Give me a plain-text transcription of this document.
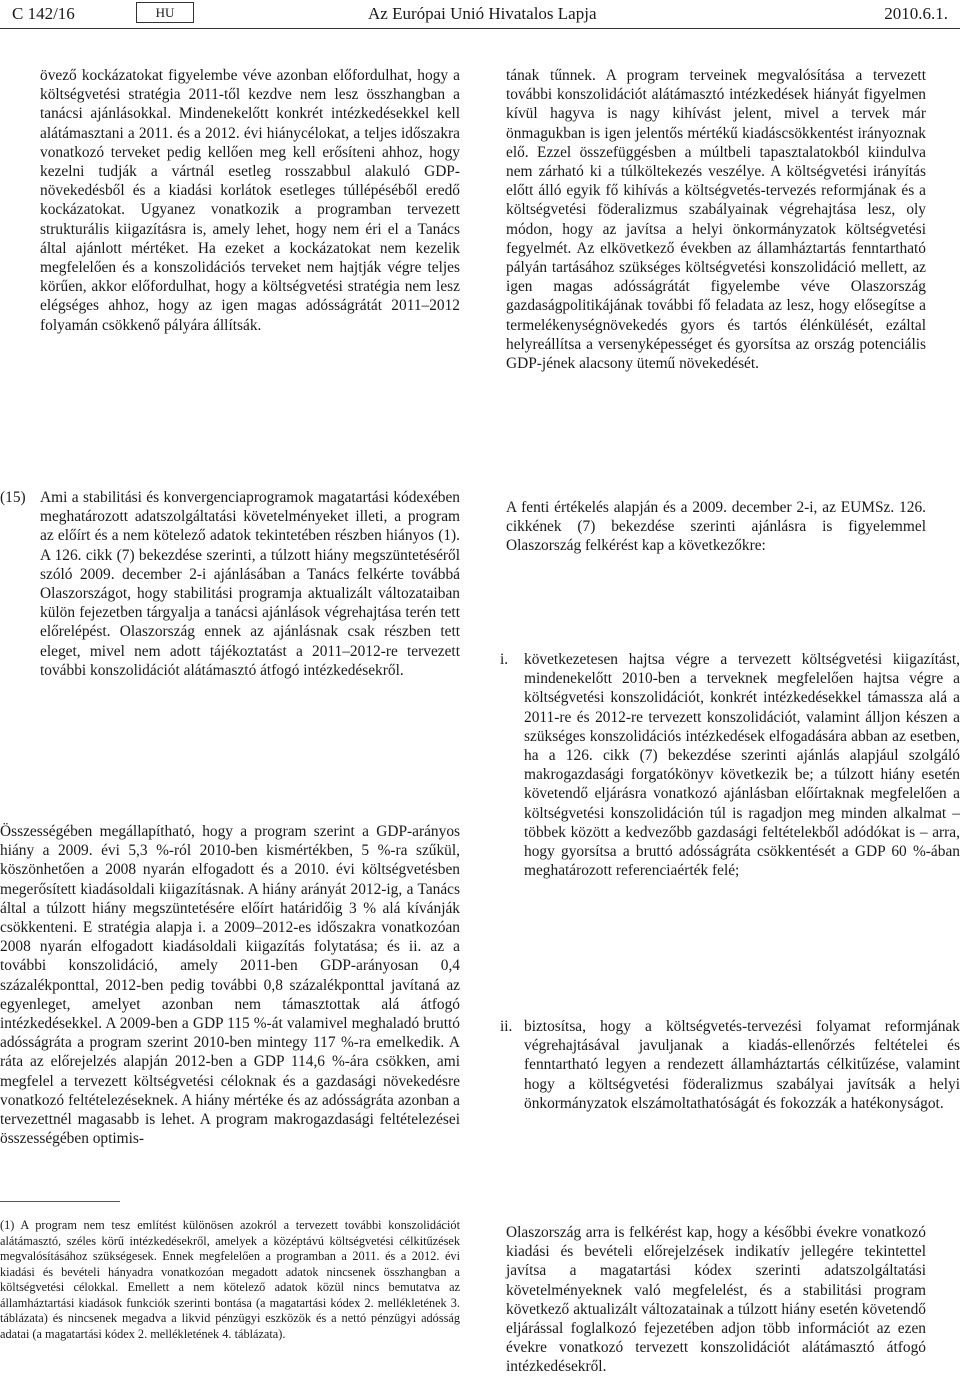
C 142/16	HU	Az Európai Unió Hivatalos Lapja	2010.6.1.

övező kockázatokat figyelembe véve azonban előfordulhat, hogy a költségvetési stratégia 2011-től kezdve nem lesz összhangban a tanácsi ajánlásokkal. Mindenekelőtt konkrét intézkedésekkel kell alátámasztani a 2011. és a 2012. évi hiánycélokat, a teljes időszakra vonatkozó terveket pedig kellően meg kell erősíteni ahhoz, hogy kezelni tudják a vártnál esetleg rosszabbul alakuló GDP-növekedésből és a kiadási korlátok esetleges túllépéséből eredő kockázatokat. Ugyanez vonatkozik a programban tervezett strukturális kiigazításra is, amely lehet, hogy nem éri el a Tanács által ajánlott mértéket. Ha ezeket a kockázatokat nem kezelik megfelelően és a konszolidációs terveket nem hajtják végre teljes körűen, akkor előfordulhat, hogy a költségvetési stratégia nem lesz elégséges ahhoz, hogy az igen magas adósságrátát 2011–2012 folyamán csökkenő pályára állítsák.

tának tűnnek. A program terveinek megvalósítása a tervezett további konszolidációt alátámasztó intézkedések hiányát figyelmen kívül hagyva is nagy kihívást jelent, mivel a tervek már önmagukban is igen jelentős mértékű kiadáscsökkentést irányoznak elő. Ezzel összefüggésben a múltbeli tapasztalatokból kiindulva nem zárható ki a túlköltekezés veszélye. A költségvetési irányítás előtt álló egyik fő kihívás a költségvetés-tervezés reformjának és a költségvetési föderalizmus szabályainak végrehajtása lesz, oly módon, hogy az javítsa a helyi önkormányzatok költségvetési fegyelmét. Az elkövetkező években az államháztartás fenntartható pályán tartásához szükséges költségvetési konszolidáció mellett, az igen magas adósságrátát figyelembe véve Olaszország gazdaságpolitikájának további fő feladata az lesz, hogy elősegítse a termelékenységnövekedés gyors és tartós élénkülését, ezáltal helyreállítsa a versenyképességet és gyorsítsa az ország potenciális GDP-jének alacsony ütemű növekedését.

(15) Ami a stabilitási és konvergenciaprogramok magatartási kódexében meghatározott adatszolgáltatási követelményeket illeti, a program az előírt és a nem kötelező adatok tekintetében részben hiányos (1). A 126. cikk (7) bekezdése szerinti, a túlzott hiány megszüntetéséről szóló 2009. december 2-i ajánlásában a Tanács felkérte továbbá Olaszországot, hogy stabilitási programja aktualizált változataiban külön fejezetben tárgyalja a tanácsi ajánlások végrehajtása terén tett előrelépést. Olaszország ennek az ajánlásnak csak részben tett eleget, mivel nem adott tájékoztatást a 2011–2012-re tervezett további konszolidációt alátámasztó átfogó intézkedésekről.

Összességében megállapítható, hogy a program szerint a GDP-arányos hiány a 2009. évi 5,3 %-ról 2010-ben kismértékben, 5 %-ra szűkül, köszönhetően a 2008 nyarán elfogadott és a 2010. évi költségvetésben megerősített kiadásoldali kiigazításnak. A hiány arányát 2012-ig, a Tanács által a túlzott hiány megszüntetésére előírt határidőig 3 % alá kívánják csökkenteni. E stratégia alapja i. a 2009–2012-es időszakra vonatkozóan 2008 nyarán elfogadott kiadásoldali kiigazítás folytatása; és ii. az a további konszolidáció, amely 2011-ben GDP-arányosan 0,4 százalékponttal, 2012-ben pedig további 0,8 százalékponttal javítaná az egyenleget, amelyet azonban nem támasztottak alá átfogó intézkedésekkel. A 2009-ben a GDP 115 %-át valamivel meghaladó bruttó adósságráta a program szerint 2010-ben mintegy 117 %-ra emelkedik. A ráta az előrejelzés alapján 2012-ben a GDP 114,6 %-ára csökken, ami megfelel a tervezett költségvetési céloknak és a gazdasági növekedésre vonatkozó feltételezéseknek. A hiány mértéke és az adósságráta azonban a tervezettnél magasabb is lehet. A program makrogazdasági feltételezései összességében optimis-

A fenti értékelés alapján és a 2009. december 2-i, az EUMSz. 126. cikkének (7) bekezdése szerinti ajánlásra is figyelemmel Olaszország felkérést kap a következőkre:

i. következetesen hajtsa végre a tervezett költségvetési kiigazítást, mindenekelőtt 2010-ben a terveknek megfelelően hajtsa végre a költségvetési konszolidációt, konkrét intézkedésekkel támassza alá a 2011-re és 2012-re tervezett konszolidációt, valamint álljon készen a szükséges konszolidációs intézkedések elfogadására abban az esetben, ha a 126. cikk (7) bekezdése szerinti ajánlás alapjául szolgáló makrogazdasági forgatókönyv következik be; a túlzott hiány esetén követendő eljárásra vonatkozó ajánlásban előírtaknak megfelelően a költségvetési konszolidáción túl is ragadjon meg minden alkalmat – többek között a kedvezőbb gazdasági feltételekből adódókat is – arra, hogy gyorsítsa a bruttó adósságráta csökkentését a GDP 60 %-ában meghatározott referenciaérték felé;

ii. biztosítsa, hogy a költségvetés-tervezési folyamat reformjának végrehajtásával javuljanak a kiadás-ellenőrzés feltételei és fenntartható legyen a rendezett államháztartás célkitűzése, valamint hogy a költségvetési föderalizmus szabályai javítsák a helyi önkormányzatok elszámoltathatóságát és fokozzák a hatékonyságot.

(1) A program nem tesz említést különösen azokról a tervezett további konszolidációt alátámasztó, széles körű intézkedésekről, amelyek a középtávú költségvetési célkitűzések megvalósításához szükségesek. Ennek megfelelően a programban a 2011. és a 2012. évi kiadási és bevételi hányadra vonatkozóan megadott adatok nincsenek összhangban a költségvetési célokkal. Emellett a nem kötelező adatok közül nincs bemutatva az államháztartási kiadások funkciók szerinti bontása (a magatartási kódex 2. mellékletének 3. táblázata) és nincsenek megadva a likvid pénzügyi eszközök és a nettó pénzügyi adósság adatai (a magatartási kódex 2. mellékletének 4. táblázata).

Olaszország arra is felkérést kap, hogy a későbbi évekre vonatkozó kiadási és bevételi előrejelzések indikatív jellegére tekintettel javítsa a magatartási kódex szerinti adatszolgáltatási követelményeknek való megfelelést, és a stabilitási program következő aktualizált változatainak a túlzott hiány esetén követendő eljárással foglalkozó fejezetében adjon több információt az ezen évekre vonatkozó tervezett konszolidációt alátámasztó átfogó intézkedésekről.
